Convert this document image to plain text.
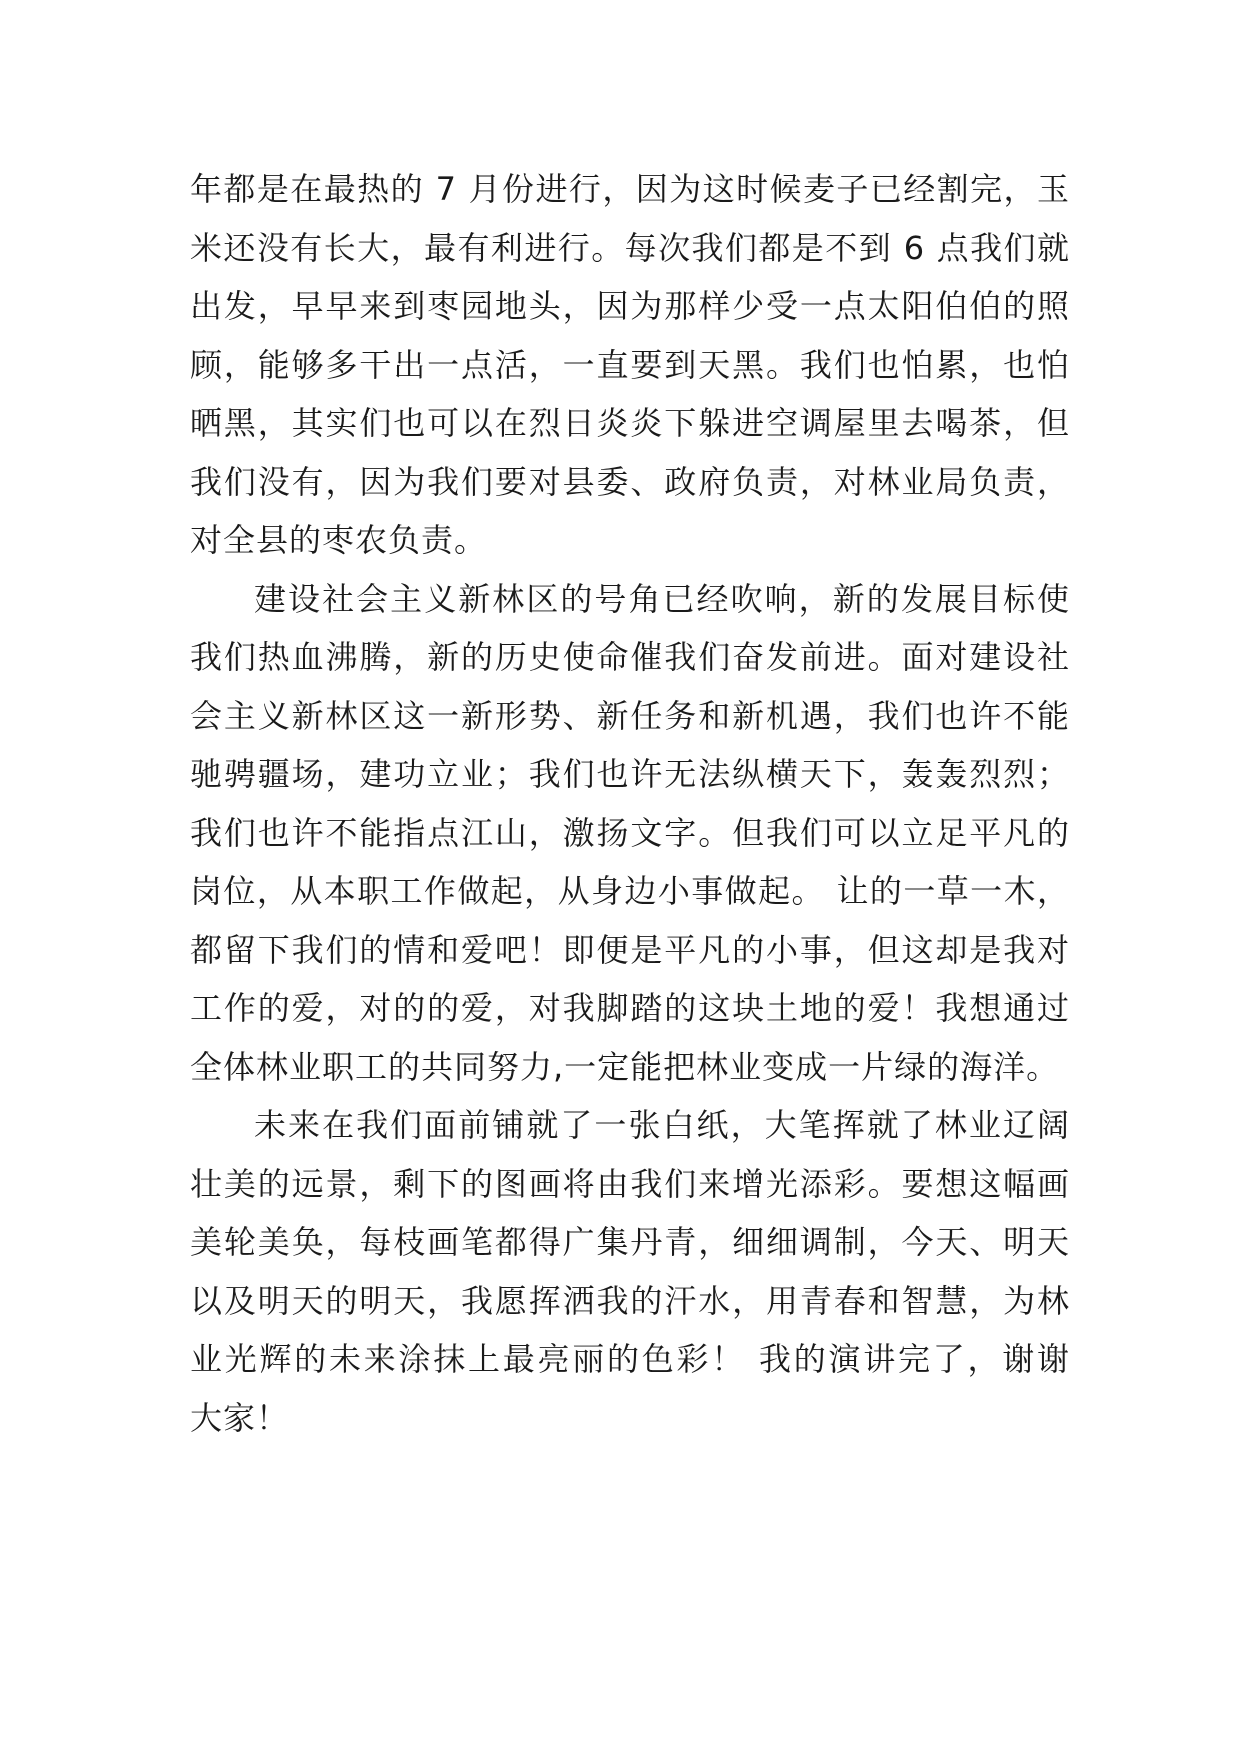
年都是在最热的 7 月份进行，因为这时候麦子已经割完，玉
米还没有长大，最有利进行。每次我们都是不到 6 点我们就
出发，早早来到枣园地头，因为那样少受一点太阳伯伯的照
顾，能够多干出一点活，一直要到天黑。我们也怕累，也怕
晒黑，其实们也可以在烈日炎炎下躲进空调屋里去喝茶，但
我们没有，因为我们要对县委、政府负责，对林业局负责，
对全县的枣农负责。
建设社会主义新林区的号角已经吹响，新的发展目标使
我们热血沸腾，新的历史使命催我们奋发前进。面对建设社
会主义新林区这一新形势、新任务和新机遇，我们也许不能
驰骋疆场，建功立业；我们也许无法纵横天下，轰轰烈烈；
我们也许不能指点江山，激扬文字。但我们可以立足平凡的
岗位，从本职工作做起，从身边小事做起。 让的一草一木，
都留下我们的情和爱吧！即便是平凡的小事，但这却是我对
工作的爱，对的的爱，对我脚踏的这块土地的爱！我想通过
全体林业职工的共同努力,一定能把林业变成一片绿的海洋。
未来在我们面前铺就了一张白纸，大笔挥就了林业辽阔
壮美的远景，剩下的图画将由我们来增光添彩。要想这幅画
美轮美奂，每枝画笔都得广集丹青，细细调制，今天、明天
以及明天的明天，我愿挥洒我的汗水，用青春和智慧，为林
业光辉的未来涂抹上最亮丽的色彩！ 我的演讲完了，谢谢
大家！
